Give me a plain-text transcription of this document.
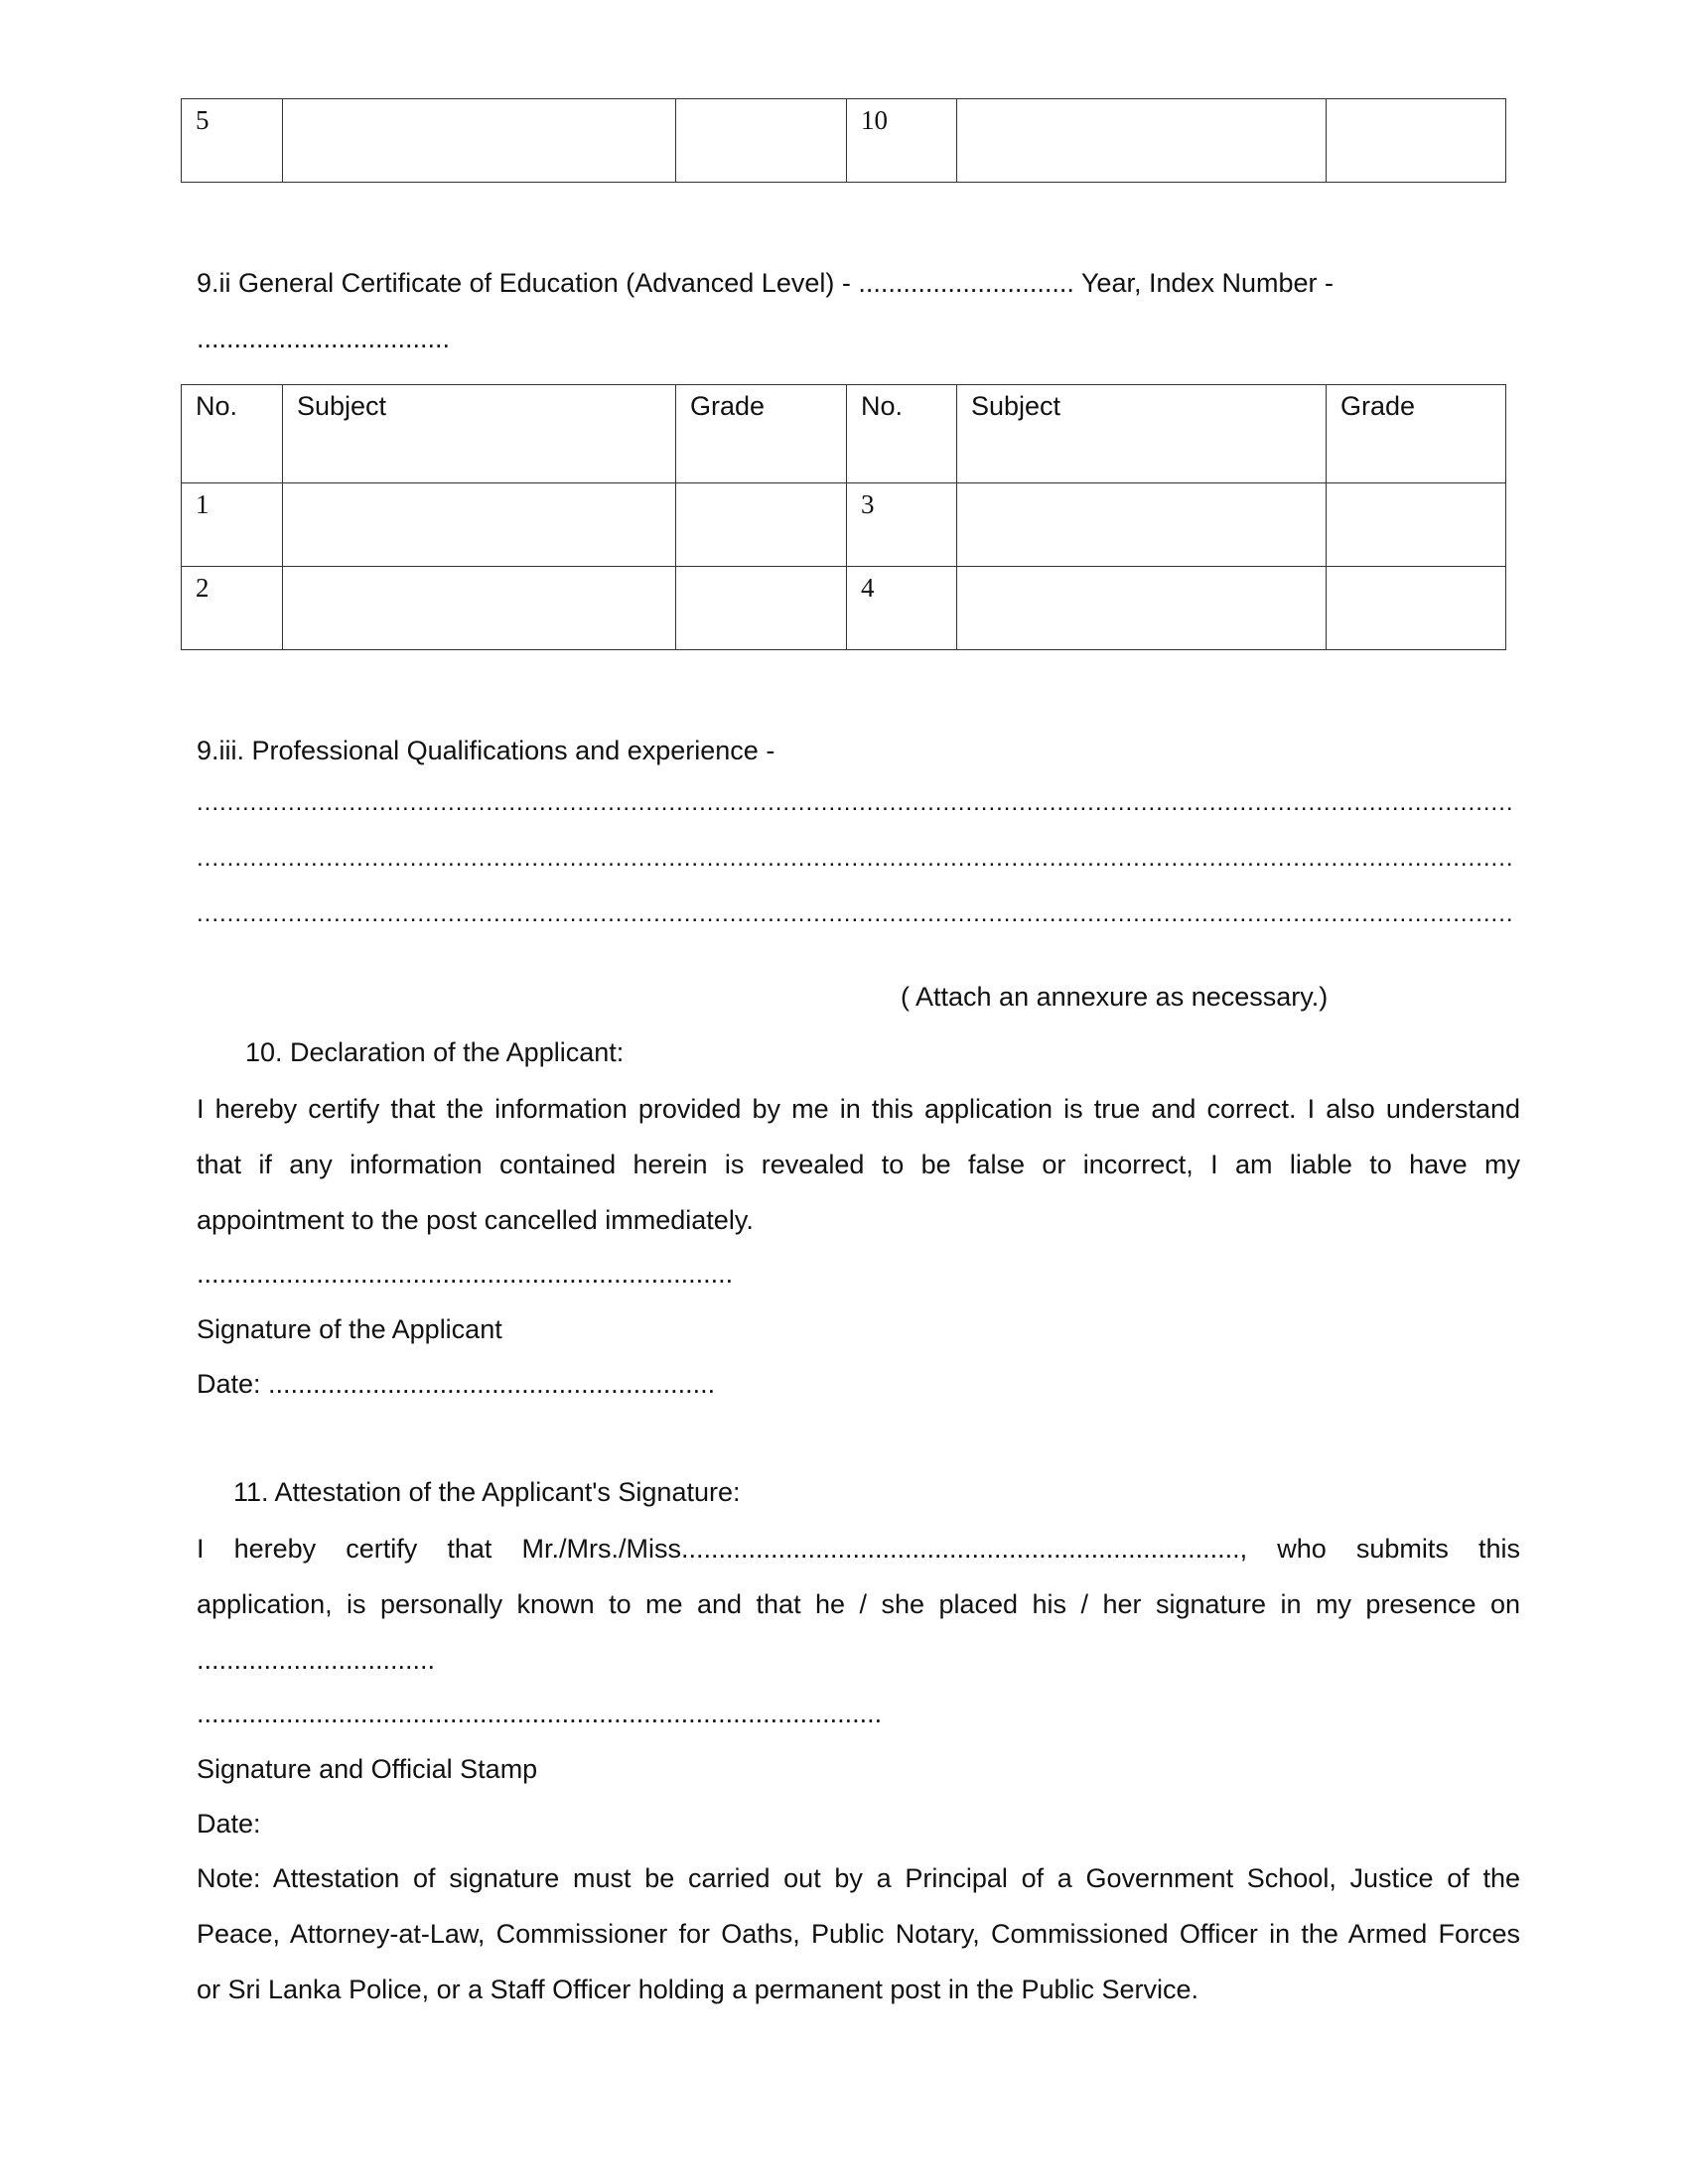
5			10		
9.ii General Certificate of Education (Advanced Level) - ............................. Year, Index Number -
..................................
No.	Subject	Grade	No.	Subject	Grade
1			3		
2			4		
9.iii. Professional Qualifications and experience -
.............................................................................................................................................................................
.............................................................................................................................................................................
.............................................................................................................................................................................
( Attach an annexure as necessary.)
10. Declaration of the Applicant:
I hereby certify that the information provided by me in this application is true and correct. I also understand
that if any information contained herein is revealed to be false or incorrect, I am liable to have my
appointment to the post cancelled immediately.
........................................................................
Signature of the Applicant
Date: ............................................................
11. Attestation of the Applicant's Signature:
I hereby certify that Mr./Mrs./Miss..........................................................................., who submits this
application, is personally known to me and that he / she placed his / her signature in my presence on
................................
............................................................................................
Signature and Official Stamp
Date:
Note: Attestation of signature must be carried out by a Principal of a Government School, Justice of the
Peace, Attorney-at-Law, Commissioner for Oaths, Public Notary, Commissioned Officer in the Armed Forces
or Sri Lanka Police, or a Staff Officer holding a permanent post in the Public Service.
